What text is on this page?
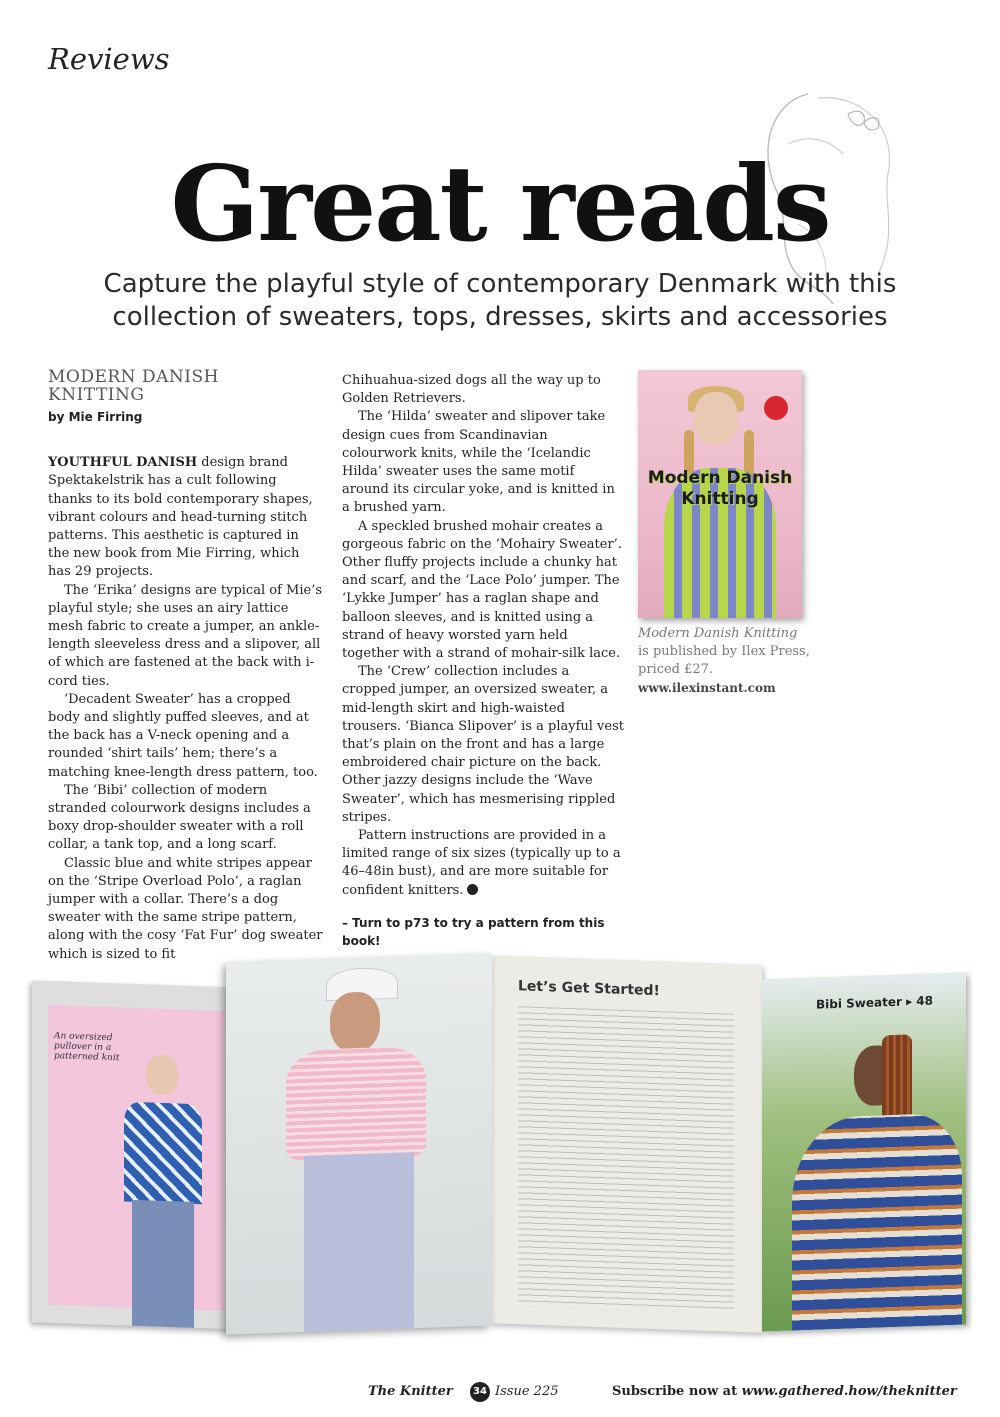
Reviews
Great reads
Capture the playful style of contemporary Denmark with this
collection of sweaters, tops, dresses, skirts and accessories
MODERN DANISH
KNITTING
by Mie Firring

YOUTHFUL DANISH design brand Spektakelstrik has a cult following thanks to its bold contemporary shapes, vibrant colours and head-turning stitch patterns. This aesthetic is captured in the new book from Mie Firring, which has 29 projects.

The ‘Erika’ designs are typical of Mie’s playful style; she uses an airy lattice mesh fabric to create a jumper, an ankle-length sleeveless dress and a slipover, all of which are fastened at the back with i-cord ties.

‘Decadent Sweater’ has a cropped body and slightly puffed sleeves, and at the back has a V-neck opening and a rounded ‘shirt tails’ hem; there’s a matching knee-length dress pattern, too.

The ‘Bibi’ collection of modern stranded colourwork designs includes a boxy drop-shoulder sweater with a roll collar, a tank top, and a long scarf.

Classic blue and white stripes appear on the ‘Stripe Overload Polo’, a raglan jumper with a collar. There’s a dog sweater with the same stripe pattern, along with the cosy ‘Fat Fur’ dog sweater which is sized to fit

Chihuahua-sized dogs all the way up to Golden Retrievers.

The ‘Hilda’ sweater and slipover take design cues from Scandinavian colourwork knits, while the ‘Icelandic Hilda’ sweater uses the same motif around its circular yoke, and is knitted in a brushed yarn.

A speckled brushed mohair creates a gorgeous fabric on the ‘Mohairy Sweater’. Other fluffy projects include a chunky hat and scarf, and the ‘Lace Polo’ jumper. The ‘Lykke Jumper’ has a raglan shape and balloon sleeves, and is knitted using a strand of heavy worsted yarn held together with a strand of mohair-silk lace.

The ‘Crew’ collection includes a cropped jumper, an oversized sweater, a mid-length skirt and high-waisted trousers. ‘Bianca Slipover’ is a playful vest that’s plain on the front and has a large embroidered chair picture on the back. Other jazzy designs include the ‘Wave Sweater’, which has mesmerising rippled stripes.

Pattern instructions are provided in a limited range of six sizes (typically up to a 46–48in bust), and are more suitable for confident knitters.

– Turn to p73 to try a pattern from this book!

Modern Danish
Knitting
Modern Danish Knitting
is published by Ilex Press,
priced £27.
www.ilexinstant.com
An oversized pullover in a patterned knit
Let’s Get Started!
Bibi Sweater ▸ 48
The Knitter	34 Issue 225	Subscribe now at www.gathered.how/theknitter
